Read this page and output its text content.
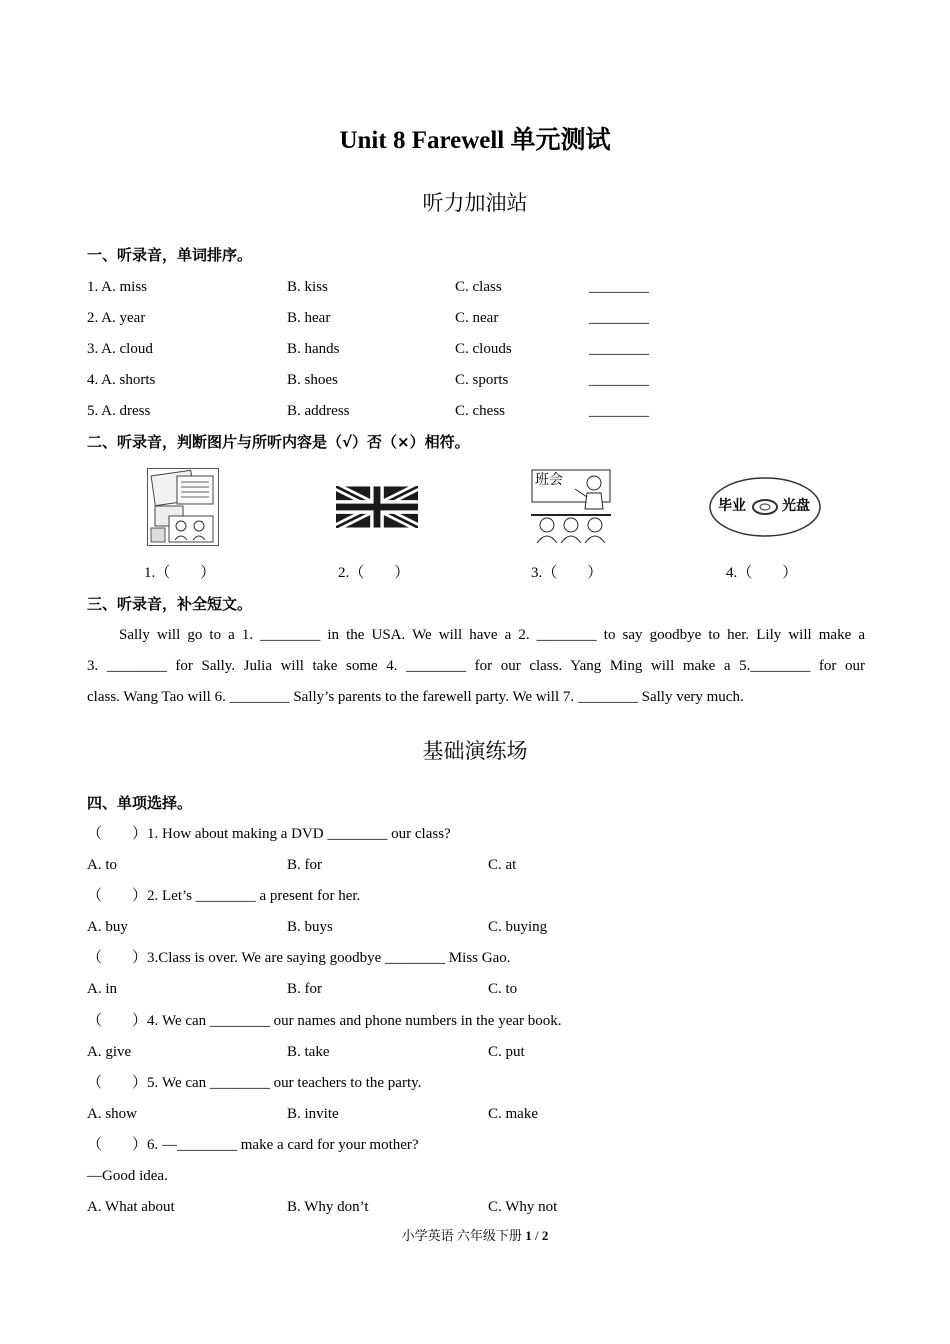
Unit 8 Farewell 单元测试
听力加油站
一、听录音，单词排序。
1. A. miss	B. kiss	C. class	________
2. A. year	B. hear	C. near	________
3. A. cloud	B. hands	C. clouds	________
4. A. shorts	B. shoes	C. sports	________
5. A. dress	B. address	C. chess	________
二、听录音，判断图片与所听内容是（√）否（×）相符。
班会
毕业	光盘
1.（　　）	2.（　　）	3.（　　）	4.（　　）
三、听录音，补全短文。

Sally will go to a 1. ________ in the USA. We will have a 2. ________ to say goodbye to her. Lily will make a

3. ________ for Sally. Julia will take some 4. ________ for our class. Yang Ming will make a 5.________ for our

class. Wang Tao will 6. ________ Sally’s parents to the farewell party. We will 7. ________ Sally very much.

基础演练场
四、单项选择。
（　　）1. How about making a DVD ________ our class?
A. to	B. for	C. at
（　　）2. Let’s ________ a present for her.
A. buy	B. buys	C. buying
（　　）3.Class is over. We are saying goodbye ________ Miss Gao.
A. in	B. for	C. to
（　　）4. We can ________ our names and phone numbers in the year book.
A. give	B. take	C. put
（　　）5. We can ________ our teachers to the party.
A. show	B. invite	C. make
（　　）6. —________ make a card for your mother?
—Good idea.
A. What about	B. Why don’t	C. Why not
小学英语 六年级下册 1 / 2
